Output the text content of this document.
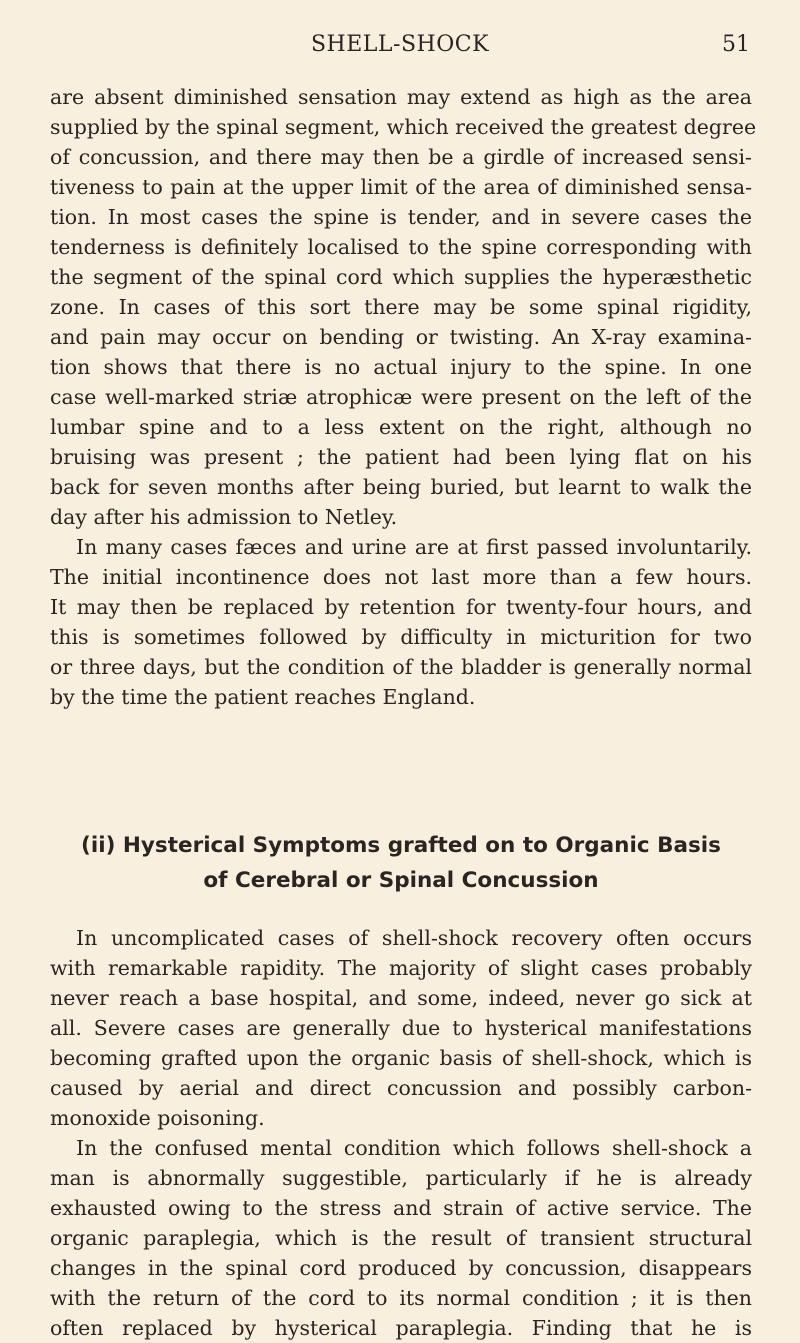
SHELL-SHOCK	51
are absent diminished sensation may extend as high as the area
supplied by the spinal segment, which received the greatest degree
of concussion, and there may then be a girdle of increased sensi-
tiveness to pain at the upper limit of the area of diminished sensa-
tion. In most cases the spine is tender, and in severe cases the
tenderness is definitely localised to the spine corresponding with
the segment of the spinal cord which supplies the hyperæsthetic
zone. In cases of this sort there may be some spinal rigidity,
and pain may occur on bending or twisting. An X-ray examina-
tion shows that there is no actual injury to the spine. In one
case well-marked striæ atrophicæ were present on the left of the
lumbar spine and to a less extent on the right, although no
bruising was present ; the patient had been lying flat on his
back for seven months after being buried, but learnt to walk the
day after his admission to Netley.
In many cases fæces and urine are at first passed involuntarily.
The initial incontinence does not last more than a few hours.
It may then be replaced by retention for twenty-four hours, and
this is sometimes followed by difficulty in micturition for two
or three days, but the condition of the bladder is generally normal
by the time the patient reaches England.
(ii) Hysterical Symptoms grafted on to Organic Basis
of Cerebral or Spinal Concussion
In uncomplicated cases of shell-shock recovery often occurs
with remarkable rapidity. The majority of slight cases probably
never reach a base hospital, and some, indeed, never go sick at
all. Severe cases are generally due to hysterical manifestations
becoming grafted upon the organic basis of shell-shock, which is
caused by aerial and direct concussion and possibly carbon-
monoxide poisoning.
In the confused mental condition which follows shell-shock a
man is abnormally suggestible, particularly if he is already
exhausted owing to the stress and strain of active service. The
organic paraplegia, which is the result of transient structural
changes in the spinal cord produced by concussion, disappears
with the return of the cord to its normal condition ; it is then
often replaced by hysterical paraplegia. Finding that he is
